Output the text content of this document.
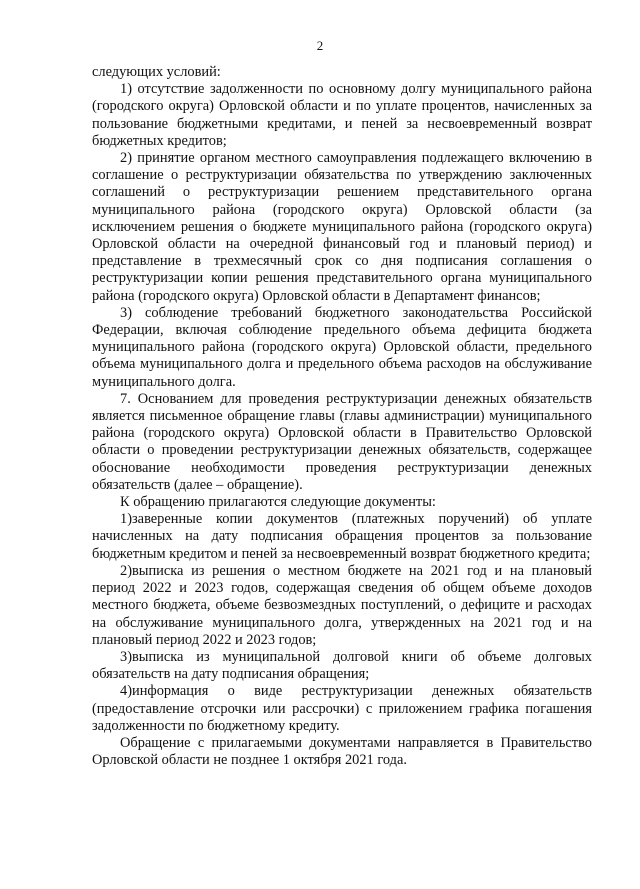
2

следующих условий:

1) отсутствие задолженности по основному долгу муниципального района (городского округа) Орловской области и по уплате процентов, начисленных за пользование бюджетными кредитами, и пеней за несвоевременный возврат бюджетных кредитов;

2) принятие органом местного самоуправления подлежащего включению в соглашение о реструктуризации обязательства по утверждению заключенных соглашений о реструктуризации решением представительного органа муниципального района (городского округа) Орловской области (за исключением решения о бюджете муниципального района (городского округа) Орловской области на очередной финансовый год и плановый период) и представление в трехмесячный срок со дня подписания соглашения о реструктуризации копии решения представительного органа муниципального района (городского округа) Орловской области в Департамент финансов;

3) соблюдение требований бюджетного законодательства Российской Федерации, включая соблюдение предельного объема дефицита бюджета муниципального района (городского округа) Орловской области, предельного объема муниципального долга и предельного объема расходов на обслуживание муниципального долга.

7. Основанием для проведения реструктуризации денежных обязательств является письменное обращение главы (главы администрации) муниципального района (городского округа) Орловской области в Правительство Орловской области о проведении реструктуризации денежных обязательств, содержащее обоснование необходимости проведения реструктуризации денежных обязательств (далее – обращение).

К обращению прилагаются следующие документы:

1)заверенные копии документов (платежных поручений) об уплате начисленных на дату подписания обращения процентов за пользование бюджетным кредитом и пеней за несвоевременный возврат бюджетного кредита;

2)выписка из решения о местном бюджете на 2021 год и на плановый период 2022 и 2023 годов, содержащая сведения об общем объеме доходов местного бюджета, объеме безвозмездных поступлений, о дефиците и расходах на обслуживание муниципального долга, утвержденных на 2021 год и на плановый период 2022 и 2023 годов;

3)выписка из муниципальной долговой книги об объеме долговых обязательств на дату подписания обращения;

4)информация о виде реструктуризации денежных обязательств (предоставление отсрочки или рассрочки) с приложением графика погашения задолженности по бюджетному кредиту.

Обращение с прилагаемыми документами направляется в Правительство Орловской области не позднее 1 октября 2021 года.
